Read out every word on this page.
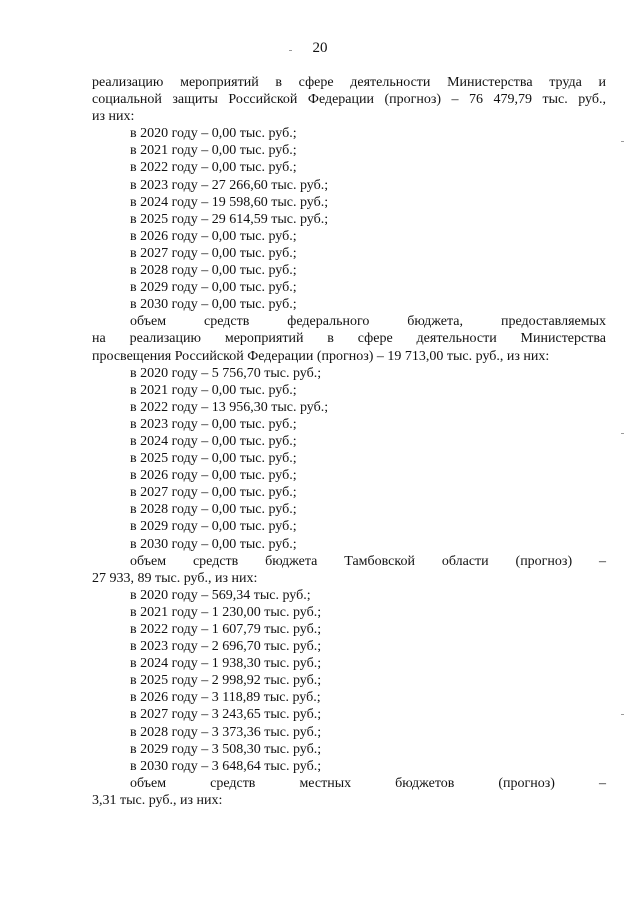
20
реализацию мероприятий в сфере деятельности Министерства труда и
социальной защиты Российской Федерации (прогноз) – 76 479,79 тыс. руб.,
из них:
в 2020 году – 0,00 тыс. руб.;
в 2021 году – 0,00 тыс. руб.;
в 2022 году – 0,00 тыс. руб.;
в 2023 году – 27 266,60 тыс. руб.;
в 2024 году – 19 598,60 тыс. руб.;
в 2025 году – 29 614,59 тыс. руб.;
в 2026 году – 0,00 тыс. руб.;
в 2027 году – 0,00 тыс. руб.;
в 2028 году – 0,00 тыс. руб.;
в 2029 году – 0,00 тыс. руб.;
в 2030 году – 0,00 тыс. руб.;
объем средств федерального бюджета, предоставляемых
на реализацию мероприятий в сфере деятельности Министерства
просвещения Российской Федерации (прогноз) – 19 713,00 тыс. руб., из них:
в 2020 году – 5 756,70 тыс. руб.;
в 2021 году – 0,00 тыс. руб.;
в 2022 году – 13 956,30 тыс. руб.;
в 2023 году – 0,00 тыс. руб.;
в 2024 году – 0,00 тыс. руб.;
в 2025 году – 0,00 тыс. руб.;
в 2026 году – 0,00 тыс. руб.;
в 2027 году – 0,00 тыс. руб.;
в 2028 году – 0,00 тыс. руб.;
в 2029 году – 0,00 тыс. руб.;
в 2030 году – 0,00 тыс. руб.;
объем средств бюджета Тамбовской области (прогноз) –
27 933, 89 тыс. руб., из них:
в 2020 году – 569,34 тыс. руб.;
в 2021 году – 1 230,00 тыс. руб.;
в 2022 году – 1 607,79 тыс. руб.;
в 2023 году – 2 696,70 тыс. руб.;
в 2024 году – 1 938,30 тыс. руб.;
в 2025 году – 2 998,92 тыс. руб.;
в 2026 году – 3 118,89 тыс. руб.;
в 2027 году – 3 243,65 тыс. руб.;
в 2028 году – 3 373,36 тыс. руб.;
в 2029 году – 3 508,30 тыс. руб.;
в 2030 году – 3 648,64 тыс. руб.;
объем средств местных бюджетов (прогноз) –
3,31 тыс. руб., из них:
